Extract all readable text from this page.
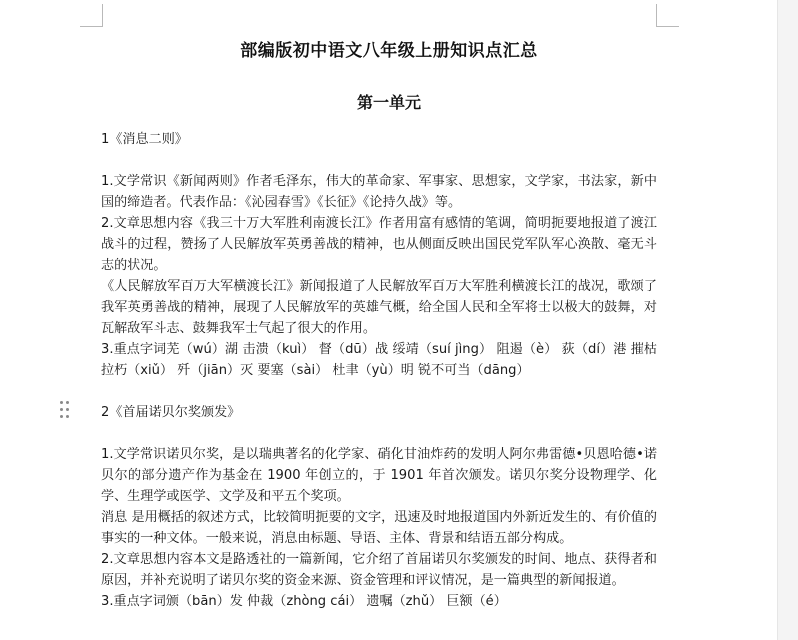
部编版初中语文八年级上册知识点汇总
第一单元

1《消息二则》

1.文学常识《新闻两则》作者毛泽东，伟大的革命家、军事家、思想家，文学家，书法家，新中国的缔造者。代表作品：《沁园春雪》《长征》《论持久战》等。

2.文章思想内容《我三十万大军胜利南渡长江》作者用富有感情的笔调，简明扼要地报道了渡江战斗的过程，赞扬了人民解放军英勇善战的精神，也从侧面反映出国民党军队军心涣散、毫无斗志的状况。

《人民解放军百万大军横渡长江》新闻报道了人民解放军百万大军胜利横渡长江的战况，歌颂了我军英勇善战的精神，展现了人民解放军的英雄气概，给全国人民和全军将士以极大的鼓舞，对瓦解敌军斗志、鼓舞我军士气起了很大的作用。

3.重点字词芜（wú）湖 击溃（kuì） 督（dū）战 绥靖（suí jìng） 阻遏（è） 荻（dí）港 摧枯拉朽（xiǔ） 歼（jiān）灭 要塞（sài） 杜聿（yù）明 锐不可当（dāng）

2《首届诺贝尔奖颁发》

1.文学常识诺贝尔奖，是以瑞典著名的化学家、硝化甘油炸药的发明人阿尔弗雷德•贝恩哈德•诺贝尔的部分遗产作为基金在 1900 年创立的，于 1901 年首次颁发。诺贝尔奖分设物理学、化学、生理学或医学、文学及和平五个奖项。

消息 是用概括的叙述方式，比较简明扼要的文字，迅速及时地报道国内外新近发生的、有价值的事实的一种文体。一般来说，消息由标题、导语、主体、背景和结语五部分构成。

2.文章思想内容本文是路透社的一篇新闻，它介绍了首届诺贝尔奖颁发的时间、地点、获得者和原因，并补充说明了诺贝尔奖的资金来源、资金管理和评议情况，是一篇典型的新闻报道。

3.重点字词颁（bān）发 仲裁（zhòng cái） 遗嘱（zhǔ） 巨额（é）
